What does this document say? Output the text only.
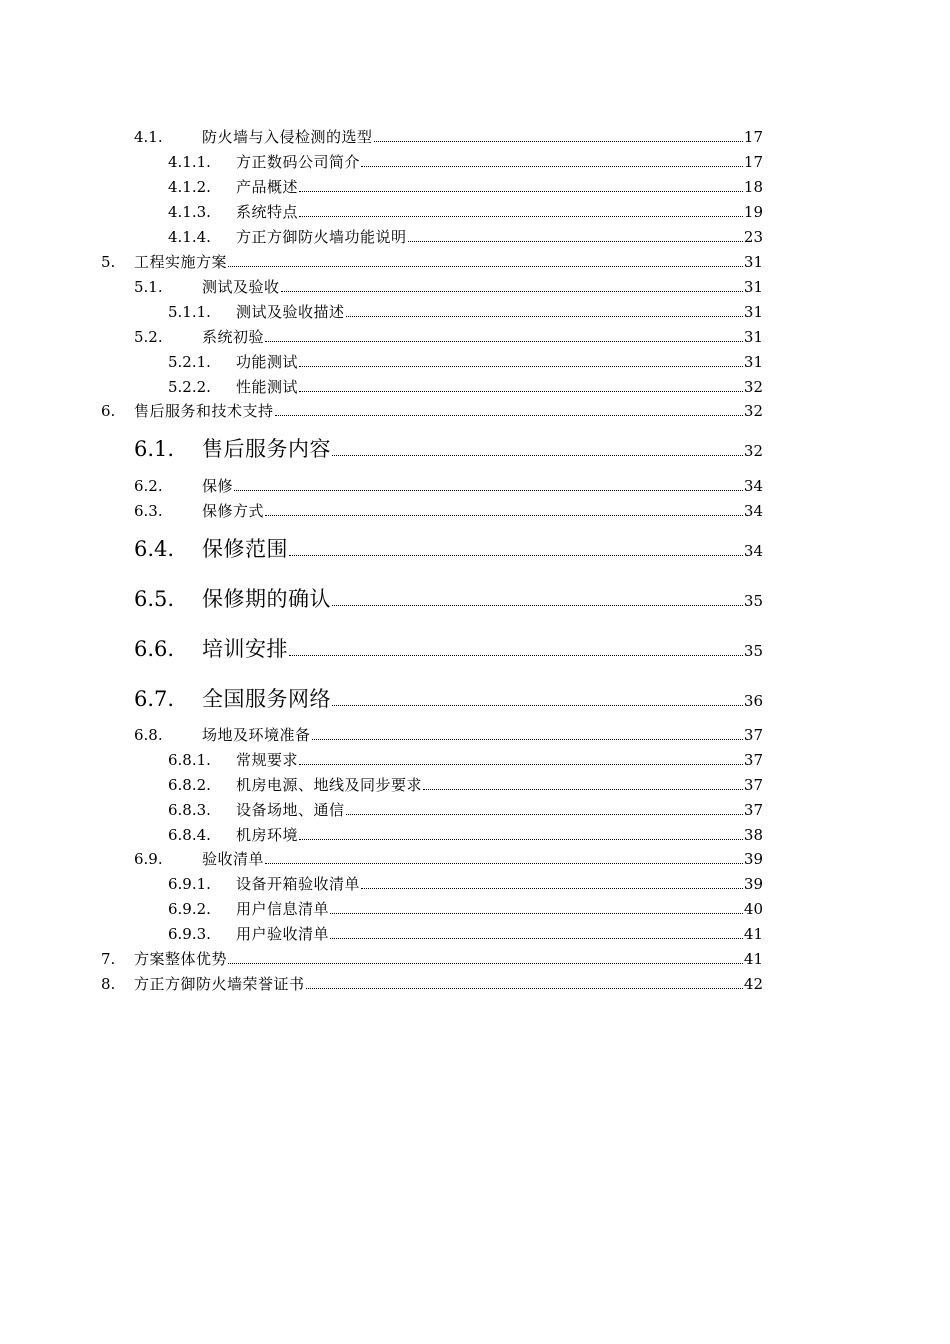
4.1.	防火墙与入侵检测的选型	17
4.1.1.	方正数码公司简介	17
4.1.2.	产品概述	18
4.1.3.	系统特点	19
4.1.4.	方正方御防火墙功能说明	23
5.	工程实施方案	31
5.1.	测试及验收	31
5.1.1.	测试及验收描述	31
5.2.	系统初验	31
5.2.1.	功能测试	31
5.2.2.	性能测试	32
6.	售后服务和技术支持	32
6.1.	售后服务内容	32
6.2.	保修	34
6.3.	保修方式	34
6.4.	保修范围	34
6.5.	保修期的确认	35
6.6.	培训安排	35
6.7.	全国服务网络	36
6.8.	场地及环境准备	37
6.8.1.	常规要求	37
6.8.2.	机房电源、地线及同步要求	37
6.8.3.	设备场地、通信	37
6.8.4.	机房环境	38
6.9.	验收清单	39
6.9.1.	设备开箱验收清单	39
6.9.2.	用户信息清单	40
6.9.3.	用户验收清单	41
7.	方案整体优势	41
8.	方正方御防火墙荣誉证书	42
